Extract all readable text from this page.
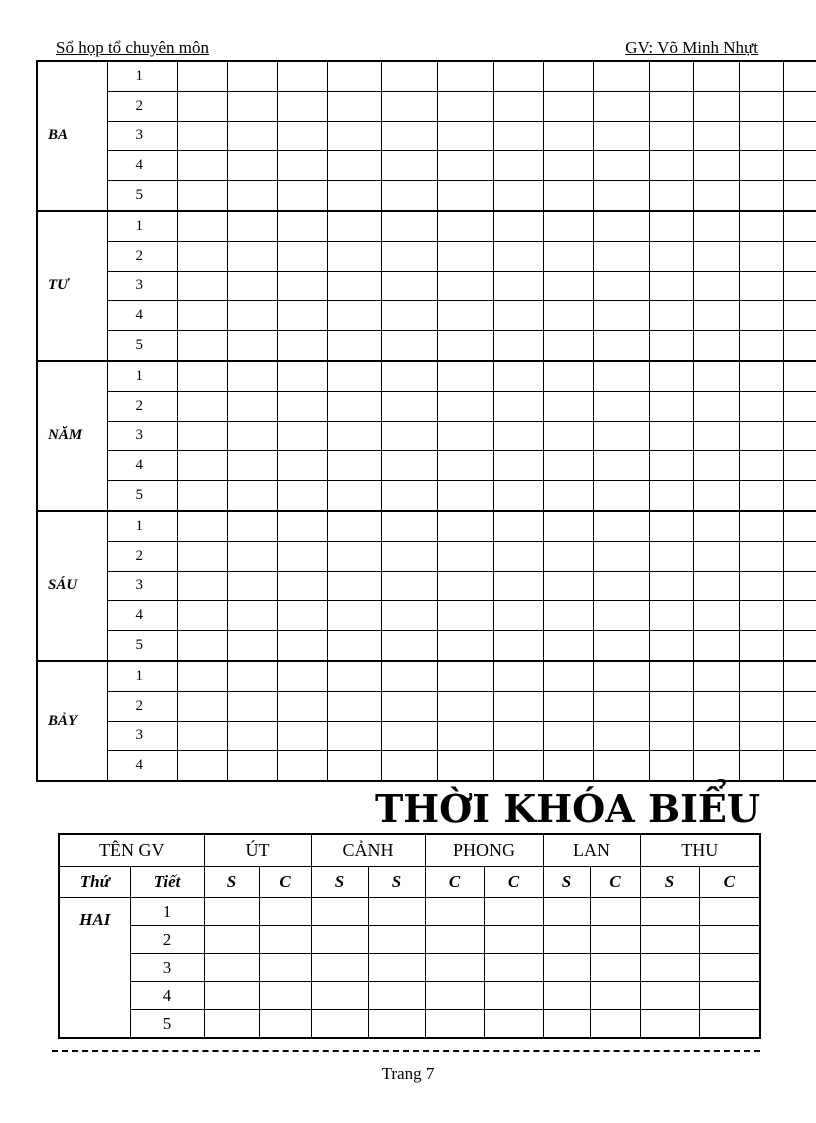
Sổ họp tổ chuyên môn	GV: Võ Minh Nhựt
BA	1														
	2														
	3														
	4														
	5														
TƯ	1														
	2														
	3														
	4														
	5														
NĂM	1														
	2														
	3														
	4														
	5														
SÁU	1														
	2														
	3														
	4														
	5														
BẢY	1														
	2														
	3														
	4														
THỜI KHÓA BIỂU
TÊN GV		ÚT		CẢNH		PHONG		LAN		THU	
Thứ	Tiết	S	C	S	S	C	C	S	C	S	C
HAI	1										
	2										
	3										
	4										
	5										
Trang 7
